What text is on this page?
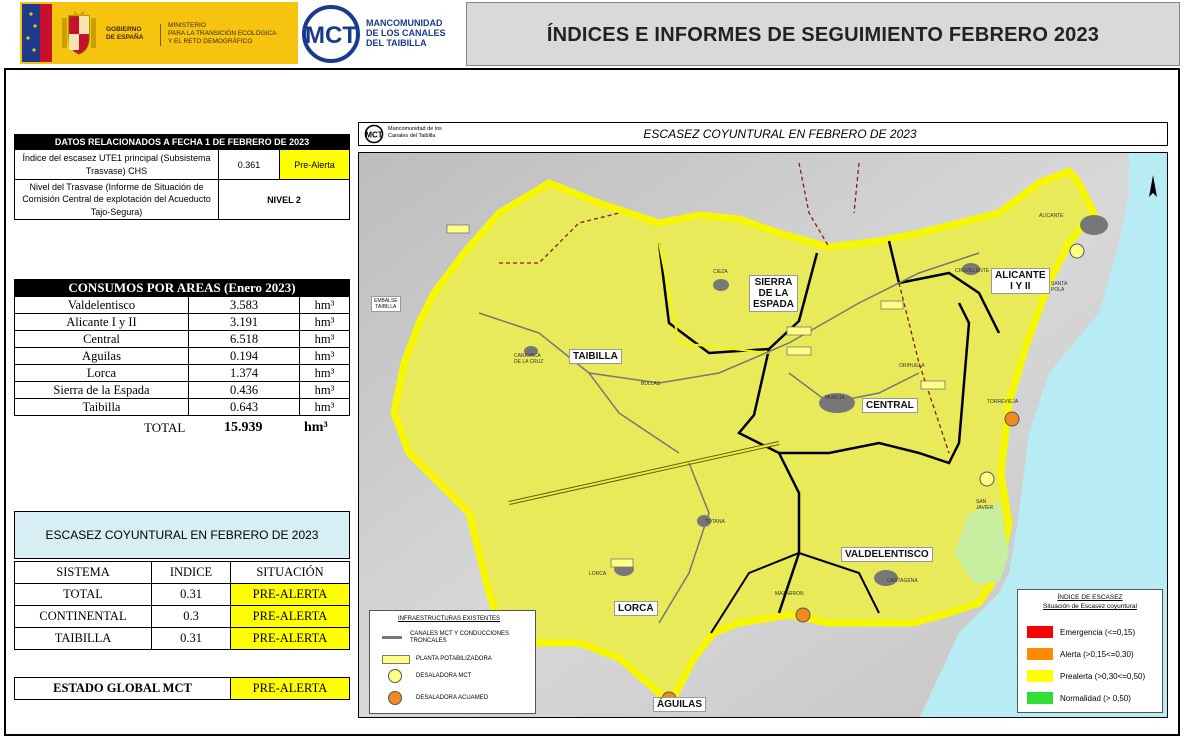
GOBIERNO
DE ESPAÑA
MINISTERIO
PARA LA TRANSICIÓN ECOLÓGICA
Y EL RETO DEMOGRÁFICO	MCT MANCOMUNIDAD
DE LOS CANALES
DEL TAIBILLA	ÍNDICES E INFORMES DE SEGUIMIENTO FEBRERO 2023
DATOS RELACIONADOS A FECHA 1 DE FEBRERO DE 2023		
Índice del escasez UTE1 principal (Subsistema Trasvase) CHS	0.361	Pre-Alerta
Nivel del Trasvase (Informe de Situación de Comisión Central de explotación del Acueducto Tajo-Segura)	NIVEL 2	
CONSUMOS POR AREAS (Enero 2023)		
Valdelentisco	3.583	hm³
Alicante I y II	3.191	hm³
Central	6.518	hm³
Aguilas	0.194	hm³
Lorca	1.374	hm³
Sierra de la Espada	0.436	hm³
Taibilla	0.643	hm³
TOTAL	15.939	hm³
ESCASEZ COYUNTURAL EN FEBRERO DE 2023
SISTEMA	INDICE	SITUACIÓN
TOTAL	0.31	PRE-ALERTA
CONTINENTAL	0.3	PRE-ALERTA
TAIBILLA	0.31	PRE-ALERTA
ESTADO GLOBAL MCT	PRE-ALERTA
MCT
Mancomunidad de los
Canales del Taibilla	ESCASEZ COYUNTURAL EN FEBRERO DE 2023
TAIBILLA
SIERRA
DE LA
ESPADA
CENTRAL
ALICANTE
I Y II
VALDELENTISCO
LORCA
ÁGUILAS
EMBALSE
TAIBILLA
CIEZA
ALICANTE
CREVILLENTE
SANTA
POLA
CARAVACA
DE LA CRUZ
BULLAS
ORIHUELA
MURCIA
TORREVIEJA
SAN
JAVIER
TOTANA
LORCA
CARTAGENA
MAZARRON
INFRAESTRUCTURAS EXISTENTES
CANALES MCT Y CONDUCCIONES
TRONCALES
PLANTA POTABILIZADORA
DESALADORA MCT
DESALADORA ACUAMED
ÍNDICE DE ESCASEZ
Situación de Escasez coyuntural
Emergencia (<=0,15)
Alerta (>0,15<=0,30)
Prealerta (>0,30<=0,50)
Normalidad (> 0,50)
